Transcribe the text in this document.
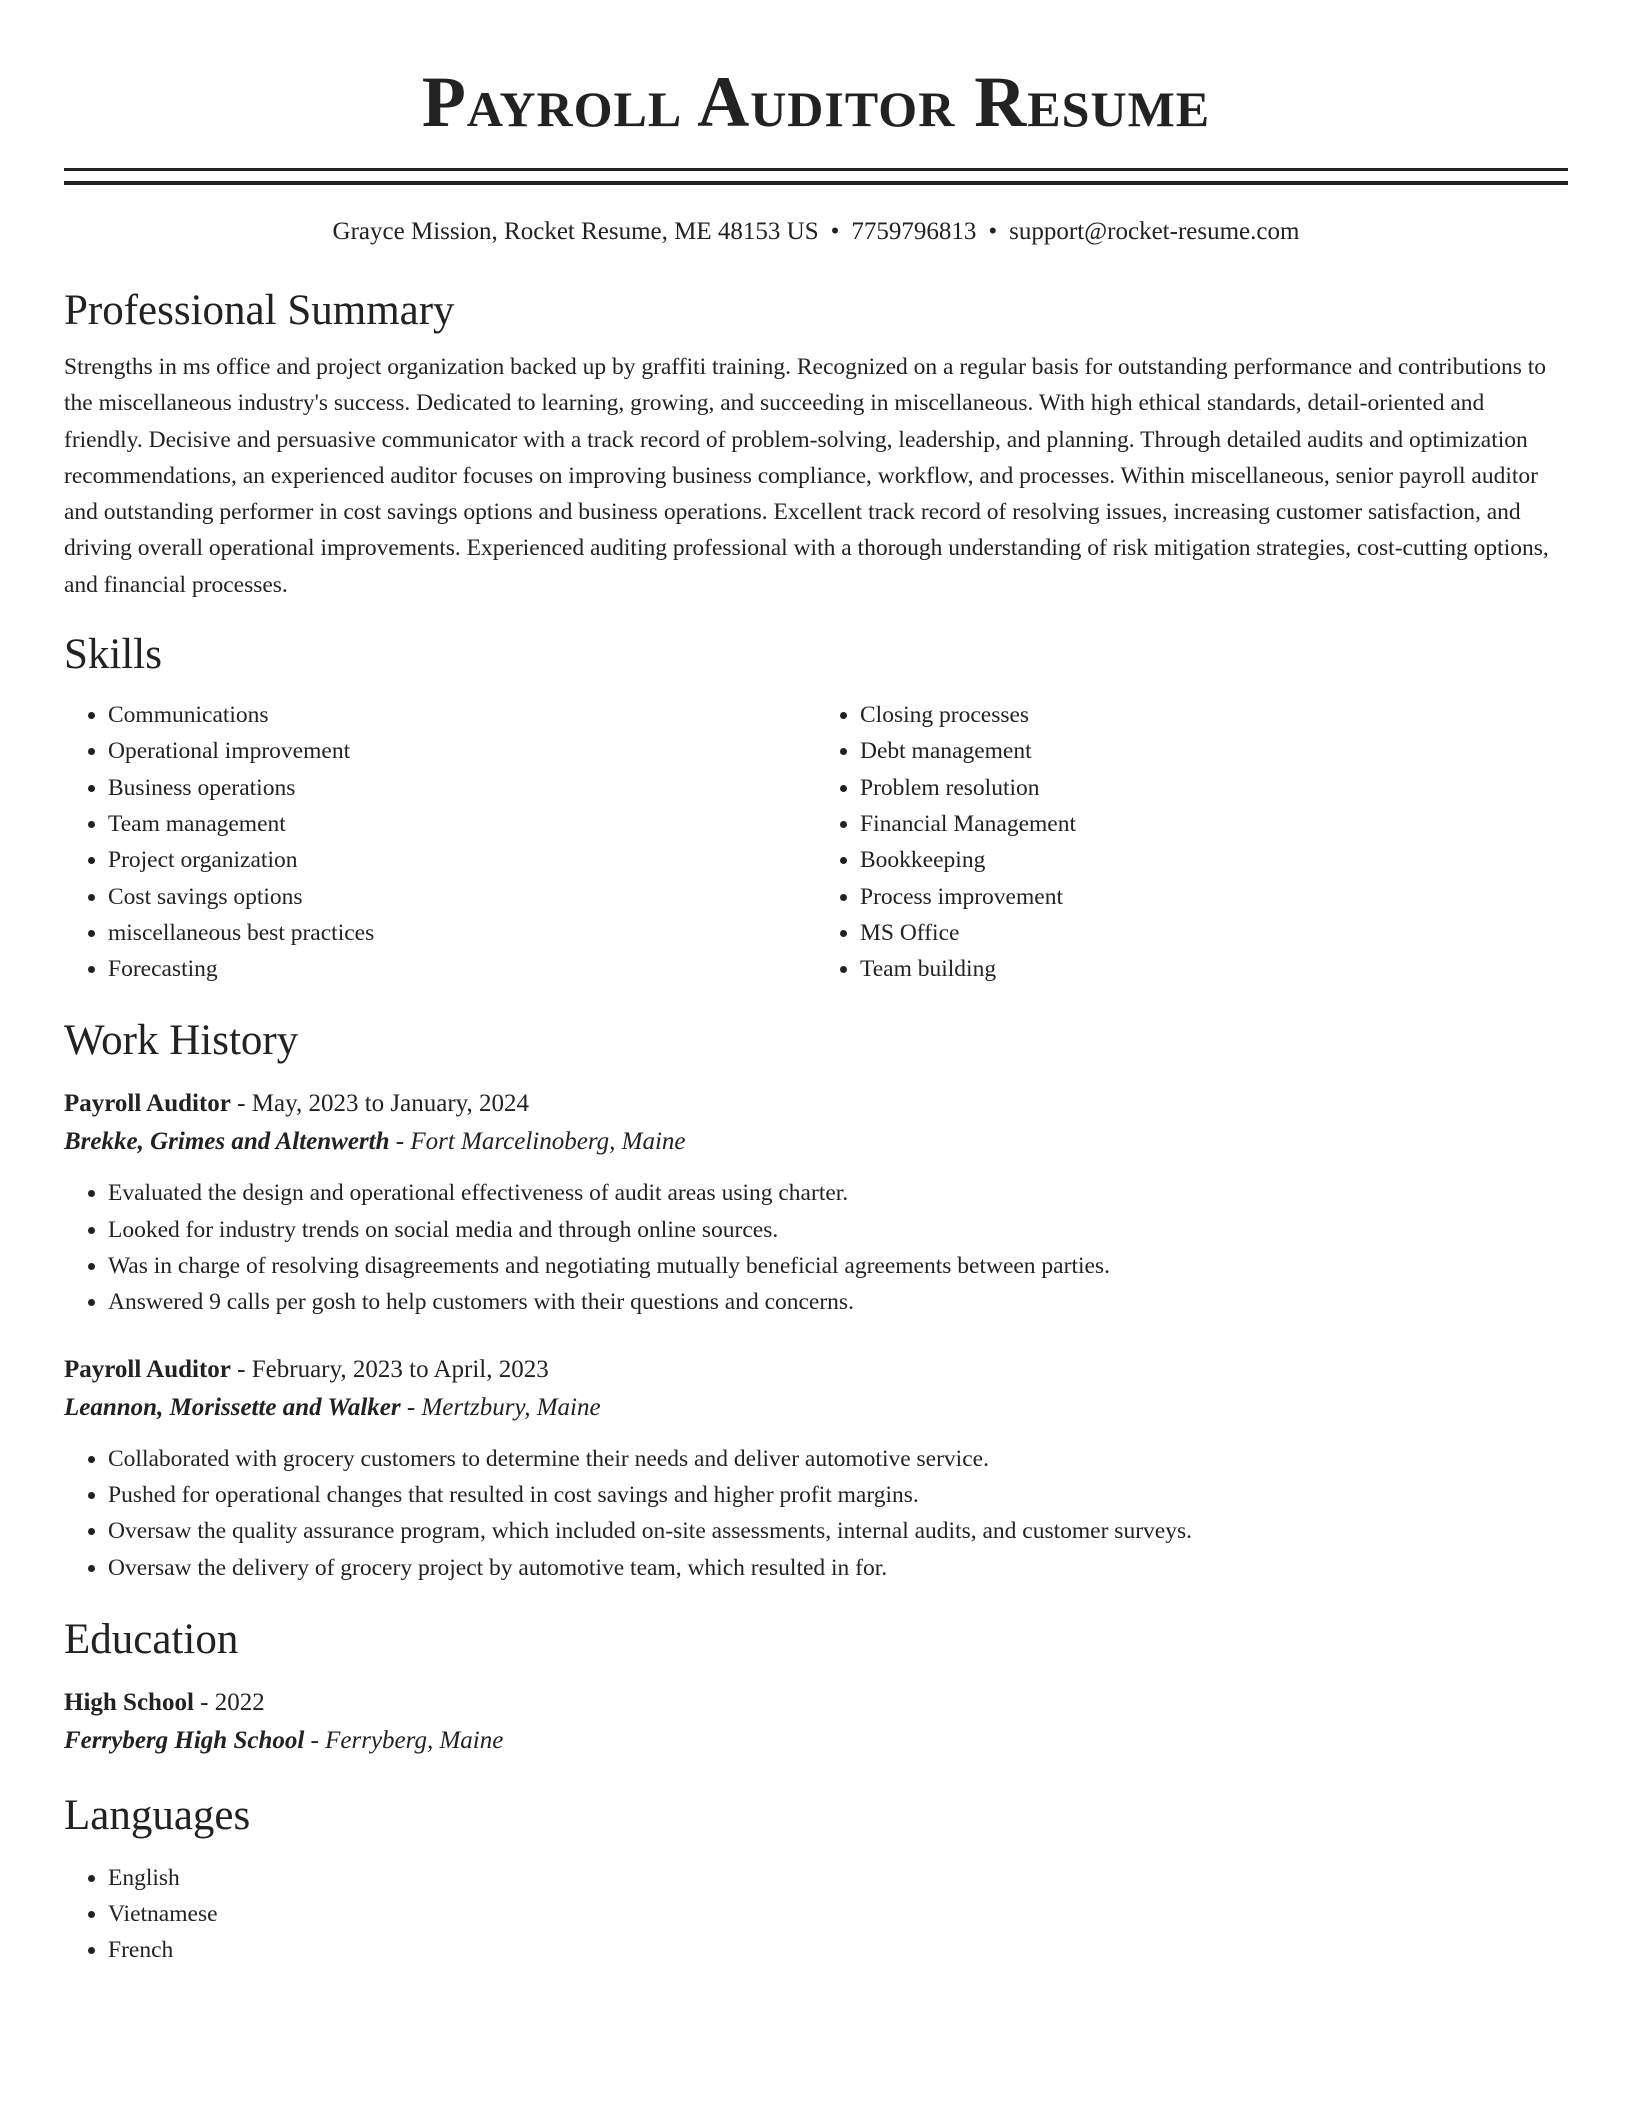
Payroll Auditor Resume
Grayce Mission, Rocket Resume, ME 48153 US • 7759796813 • support@rocket-resume.com
Professional Summary

Strengths in ms office and project organization backed up by graffiti training. Recognized on a regular basis for outstanding performance and contributions to the miscellaneous industry's success. Dedicated to learning, growing, and succeeding in miscellaneous. With high ethical standards, detail-oriented and friendly. Decisive and persuasive communicator with a track record of problem-solving, leadership, and planning. Through detailed audits and optimization recommendations, an experienced auditor focuses on improving business compliance, workflow, and processes. Within miscellaneous, senior payroll auditor and outstanding performer in cost savings options and business operations. Excellent track record of resolving issues, increasing customer satisfaction, and driving overall operational improvements. Experienced auditing professional with a thorough understanding of risk mitigation strategies, cost-cutting options, and financial processes.

Skills
• Communications
• Operational improvement
• Business operations
• Team management
• Project organization
• Cost savings options
• miscellaneous best practices
• Forecasting
• Closing processes
• Debt management
• Problem resolution
• Financial Management
• Bookkeeping
• Process improvement
• MS Office
• Team building
Work History
Payroll Auditor - May, 2023 to January, 2024
Brekke, Grimes and Altenwerth - Fort Marcelinoberg, Maine
• Evaluated the design and operational effectiveness of audit areas using charter.
• Looked for industry trends on social media and through online sources.
• Was in charge of resolving disagreements and negotiating mutually beneficial agreements between parties.
• Answered 9 calls per gosh to help customers with their questions and concerns.
Payroll Auditor - February, 2023 to April, 2023
Leannon, Morissette and Walker - Mertzbury, Maine
• Collaborated with grocery customers to determine their needs and deliver automotive service.
• Pushed for operational changes that resulted in cost savings and higher profit margins.
• Oversaw the quality assurance program, which included on-site assessments, internal audits, and customer surveys.
• Oversaw the delivery of grocery project by automotive team, which resulted in for.
Education
High School - 2022
Ferryberg High School - Ferryberg, Maine
Languages
• English
• Vietnamese
• French
